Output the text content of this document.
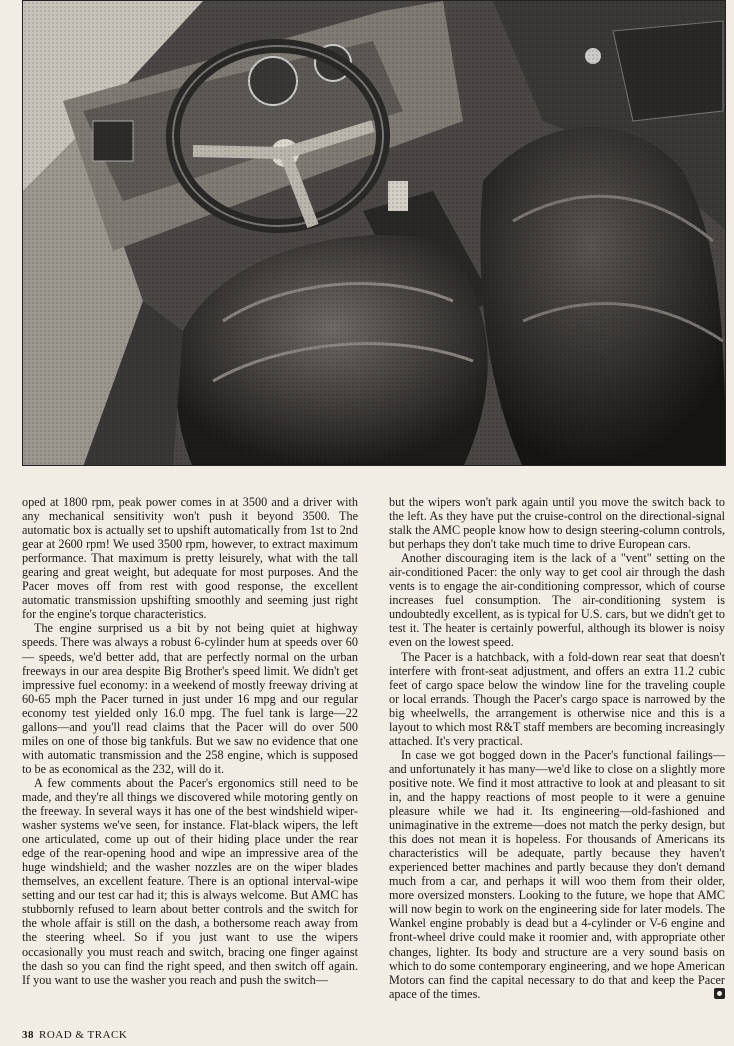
oped at 1800 rpm, peak power comes in at 3500 and a driver with any mechanical sensitivity won't push it beyond 3500. The automatic box is actually set to upshift automatically from 1st to 2nd gear at 2600 rpm! We used 3500 rpm, however, to extract maximum performance. That maximum is pretty leisurely, what with the tall gearing and great weight, but adequate for most purposes. And the Pacer moves off from rest with good response, the excellent automatic transmission upshifting smoothly and seeming just right for the engine's torque characteristics.

The engine surprised us a bit by not being quiet at highway speeds. There was always a robust 6-cylinder hum at speeds over 60— speeds, we'd better add, that are perfectly normal on the urban freeways in our area despite Big Brother's speed limit. We didn't get impressive fuel economy: in a weekend of mostly freeway driving at 60-65 mph the Pacer turned in just under 16 mpg and our regular economy test yielded only 16.0 mpg. The fuel tank is large—22 gallons—and you'll read claims that the Pacer will do over 500 miles on one of those big tankfuls. But we saw no evidence that one with automatic transmission and the 258 engine, which is supposed to be as economical as the 232, will do it.

A few comments about the Pacer's ergonomics still need to be made, and they're all things we discovered while motoring gently on the freeway. In several ways it has one of the best windshield wiper-washer systems we've seen, for instance. Flat-black wipers, the left one articulated, come up out of their hiding place under the rear edge of the rear-opening hood and wipe an impressive area of the huge windshield; and the washer nozzles are on the wiper blades themselves, an excellent feature. There is an optional interval-wipe setting and our test car had it; this is always welcome. But AMC has stubbornly refused to learn about better controls and the switch for the whole affair is still on the dash, a bothersome reach away from the steering wheel. So if you just want to use the wipers occasionally you must reach and switch, bracing one finger against the dash so you can find the right speed, and then switch off again. If you want to use the washer you reach and push the switch—

but the wipers won't park again until you move the switch back to the left. As they have put the cruise-control on the directional-signal stalk the AMC people know how to design steering-column controls, but perhaps they don't take much time to drive European cars.

Another discouraging item is the lack of a "vent" setting on the air-conditioned Pacer: the only way to get cool air through the dash vents is to engage the air-conditioning compressor, which of course increases fuel consumption. The air-conditioning system is undoubtedly excellent, as is typical for U.S. cars, but we didn't get to test it. The heater is certainly powerful, although its blower is noisy even on the lowest speed.

The Pacer is a hatchback, with a fold-down rear seat that doesn't interfere with front-seat adjustment, and offers an extra 11.2 cubic feet of cargo space below the window line for the traveling couple or local errands. Though the Pacer's cargo space is narrowed by the big wheelwells, the arrangement is otherwise nice and this is a layout to which most R&T staff members are becoming increasingly attached. It's very practical.

In case we got bogged down in the Pacer's functional failings—and unfortunately it has many—we'd like to close on a slightly more positive note. We find it most attractive to look at and pleasant to sit in, and the happy reactions of most people to it were a genuine pleasure while we had it. Its engineering—old-fashioned and unimaginative in the extreme—does not match the perky design, but this does not mean it is hopeless. For thousands of Americans its characteristics will be adequate, partly because they haven't experienced better machines and partly because they don't demand much from a car, and perhaps it will woo them from their older, more oversized monsters. Looking to the future, we hope that AMC will now begin to work on the engineering side for later models. The Wankel engine probably is dead but a 4-cylinder or V-6 engine and front-wheel drive could make it roomier and, with appropriate other changes, lighter. Its body and structure are a very sound basis on which to do some contemporary engineering, and we hope American Motors can find the capital necessary to do that and keep the Pacer apace of the times.

38 ROAD & TRACK
